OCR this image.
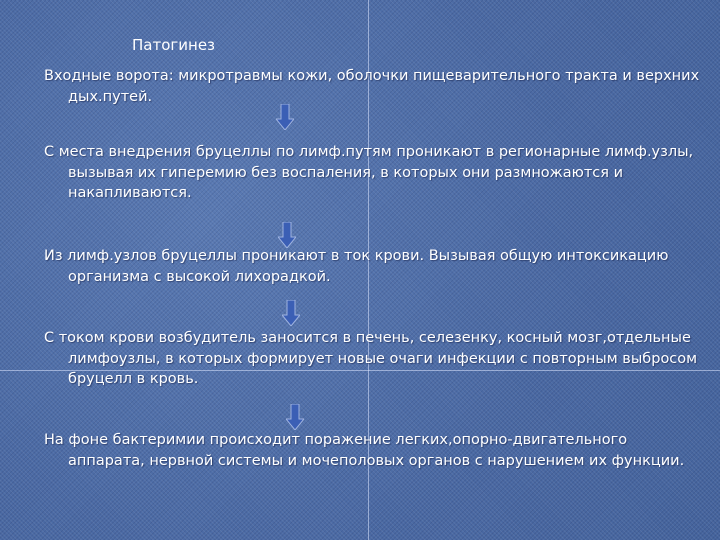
Патогинез
Входные ворота: микротравмы кожи, оболочки пищеварительного тракта и верхних дых.путей.
С места внедрения бруцеллы по лимф.путям проникают в регионарные лимф.узлы, вызывая их гиперемию без воспаления, в которых они размножаются и накапливаются.
Из лимф.узлов бруцеллы проникают в ток крови. Вызывая общую интоксикацию организма с высокой лихорадкой.
С током крови возбудитель заносится в печень, селезенку, косный мозг,отдельные лимфоузлы, в которых формирует новые очаги инфекции с повторным выбросом бруцелл в кровь.
На фоне бактеримии происходит поражение легких,опорно-двигательного аппарата, нервной системы и мочеполовых органов с нарушением их функции.
